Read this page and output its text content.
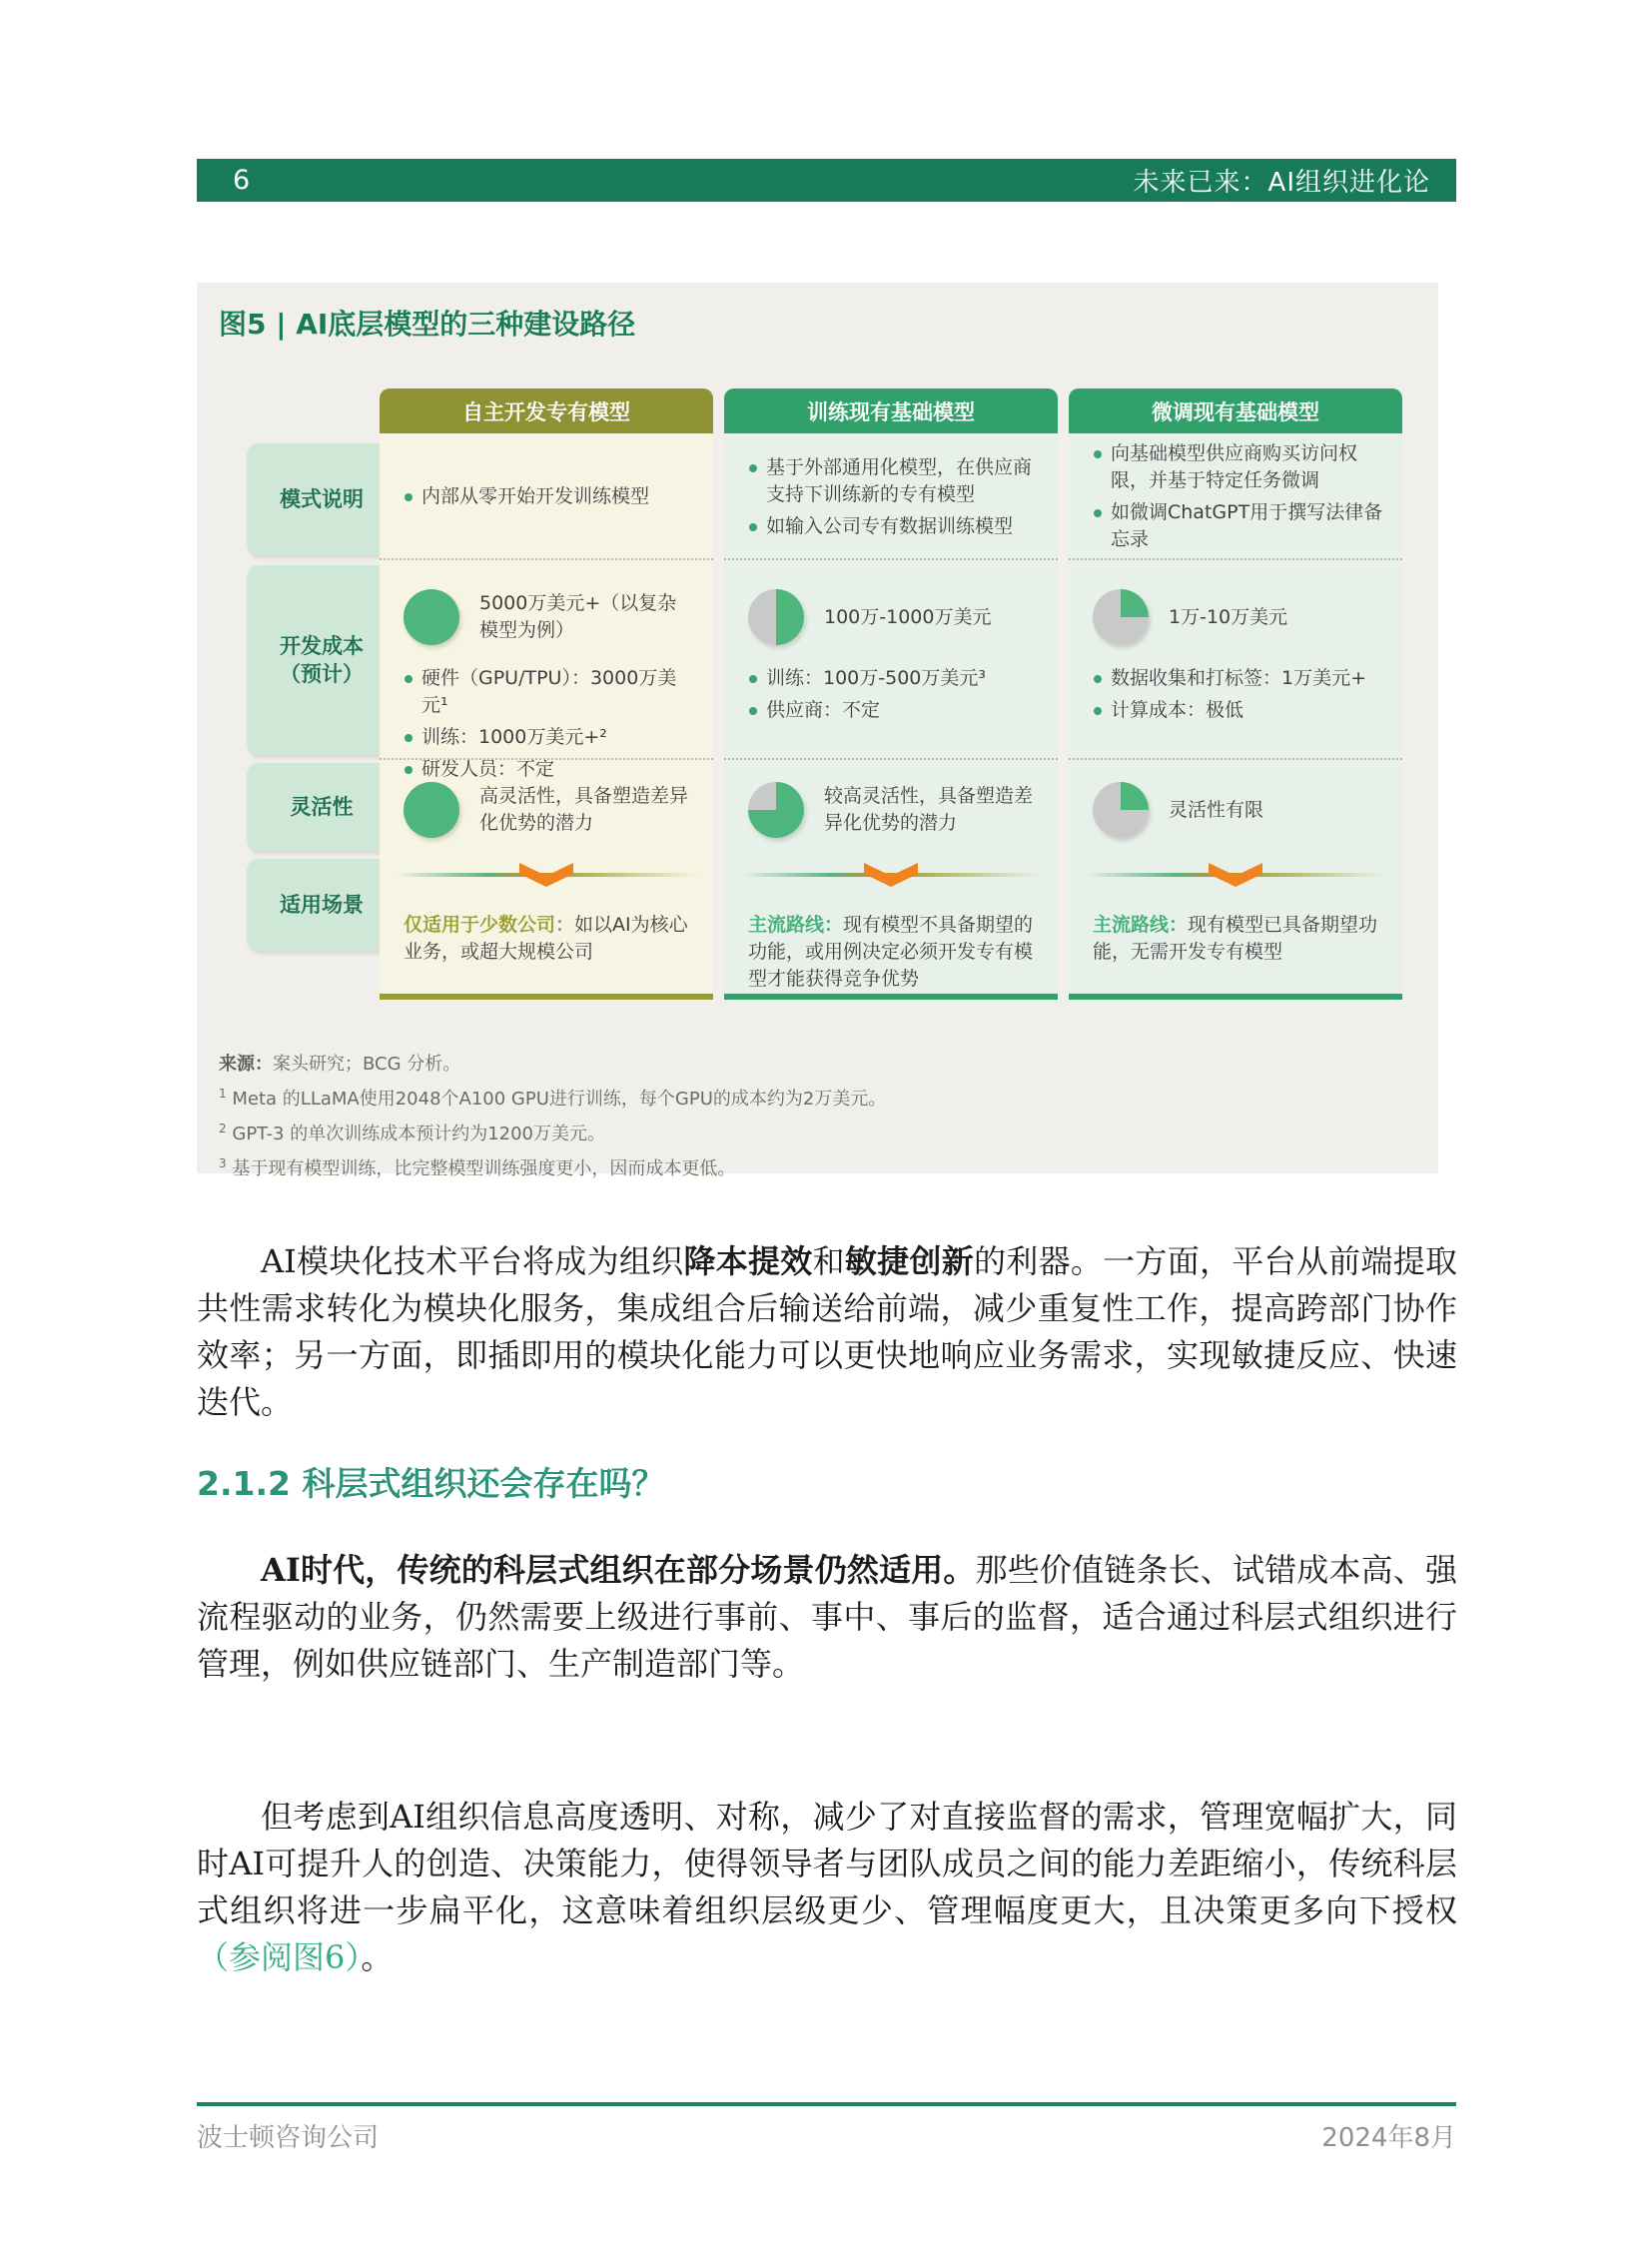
6	未来已来：AI组织进化论
图5 | AI底层模型的三种建设路径
模式说明
开发成本（预计）
灵活性
适用场景
自主开发专有模型
内部从零开始开发训练模型
5000万美元+（以复杂模型为例）
硬件（GPU/TPU）：3000万美元¹
训练：1000万美元+²
研发人员：不定
高灵活性，具备塑造差异化优势的潜力
仅适用于少数公司：如以AI为核心业务，或超大规模公司
训练现有基础模型
基于外部通用化模型，在供应商支持下训练新的专有模型
如输入公司专有数据训练模型
100万-1000万美元
训练：100万-500万美元³
供应商：不定
较高灵活性，具备塑造差异化优势的潜力
主流路线：现有模型不具备期望的功能，或用例决定必须开发专有模型才能获得竞争优势
微调现有基础模型
向基础模型供应商购买访问权限，并基于特定任务微调
如微调ChatGPT用于撰写法律备忘录
1万-10万美元
数据收集和打标签：1万美元+
计算成本：极低
灵活性有限
主流路线：现有模型已具备期望功能，无需开发专有模型
来源：案头研究；BCG 分析。
$^1$ Meta 的LLaMA使用2048个A100 GPU进行训练，每个GPU的成本约为2万美元。
$^2$ GPT-3 的单次训练成本预计约为1200万美元。
$^3$ 基于现有模型训练，比完整模型训练强度更小，因而成本更低。

AI模块化技术平台将成为组织降本提效和敏捷创新的利器。一方面，平台从前端提取共性需求转化为模块化服务，集成组合后输送给前端，减少重复性工作，提高跨部门协作效率；另一方面，即插即用的模块化能力可以更快地响应业务需求，实现敏捷反应、快速迭代。

2.1.2 科层式组织还会存在吗？

AI时代，传统的科层式组织在部分场景仍然适用。那些价值链条长、试错成本高、强流程驱动的业务，仍然需要上级进行事前、事中、事后的监督，适合通过科层式组织进行管理，例如供应链部门、生产制造部门等。

但考虑到AI组织信息高度透明、对称，减少了对直接监督的需求，管理宽幅扩大，同时AI可提升人的创造、决策能力，使得领导者与团队成员之间的能力差距缩小，传统科层式组织将进一步扁平化，这意味着组织层级更少、管理幅度更大，且决策更多向下授权（参阅图6）。

波士顿咨询公司	2024年8月
